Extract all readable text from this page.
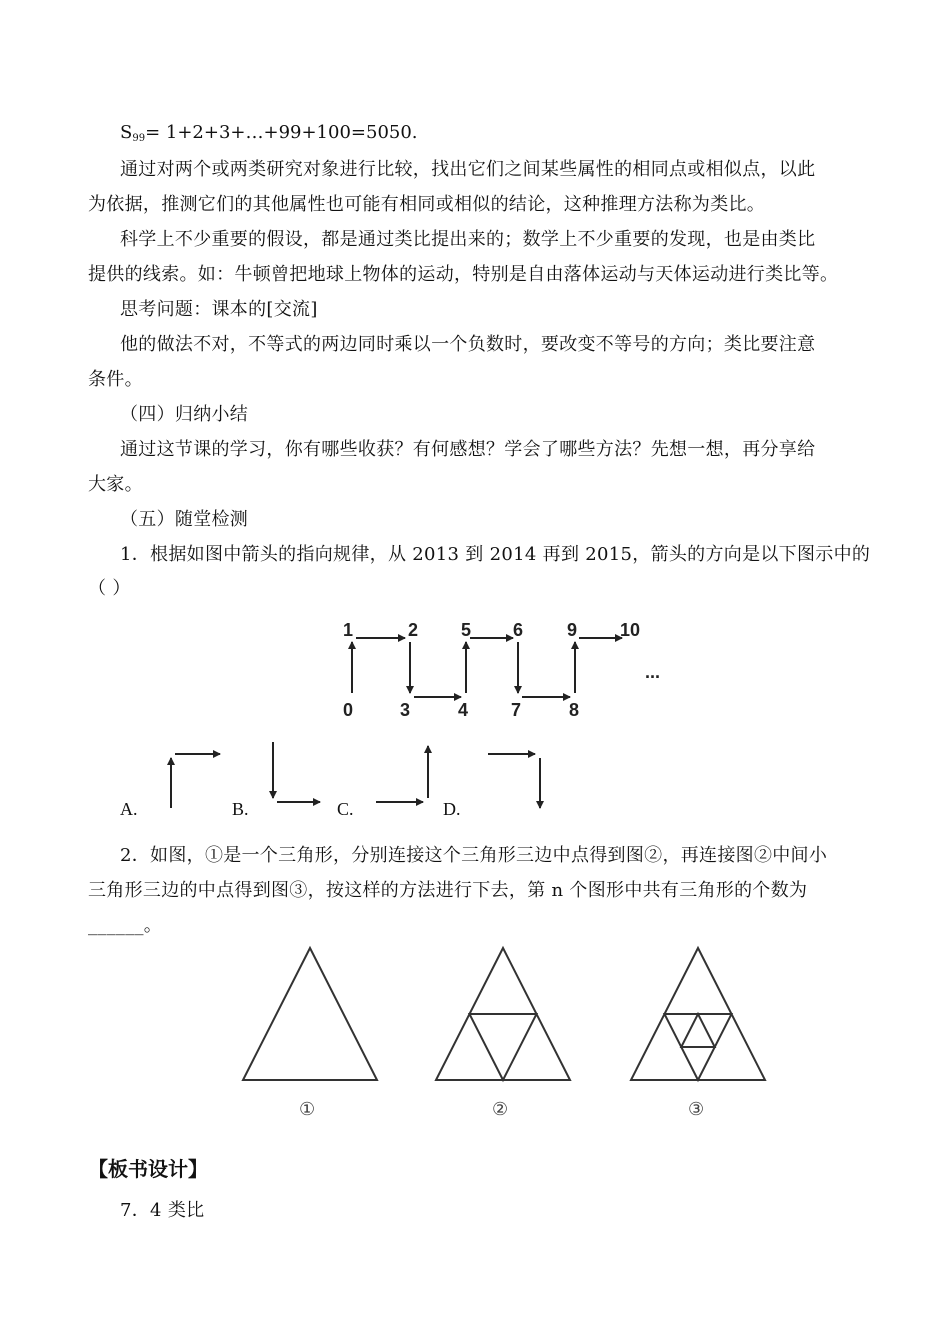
$S_{99}=$ 1+2+3+…+99+100=5050.
通过对两个或两类研究对象进行比较，找出它们之间某些属性的相同点或相似点，以此
为依据，推测它们的其他属性也可能有相同或相似的结论，这种推理方法称为类比。
科学上不少重要的假设，都是通过类比提出来的；数学上不少重要的发现，也是由类比
提供的线索。如：牛顿曾把地球上物体的运动，特别是自由落体运动与天体运动进行类比等。
思考问题：课本的[交流]
他的做法不对，不等式的两边同时乘以一个负数时，要改变不等号的方向；类比要注意
条件。
（四）归纳小结
通过这节课的学习，你有哪些收获？有何感想？学会了哪些方法？先想一想，再分享给
大家。
（五）随堂检测
1．根据如图中箭头的指向规律，从 2013 到 2014 再到 2015，箭头的方向是以下图示中的
（ ）
0
1	2
3	4
5 6
7	8
9 10
...
A.	B.	C.	D.
2．如图，①是一个三角形，分别连接这个三角形三边中点得到图②，再连接图②中间小
三角形三边的中点得到图③，按这样的方法进行下去，第 n 个图形中共有三角形的个数为
______。
①	②	③
【板书设计】
7．4 类比
